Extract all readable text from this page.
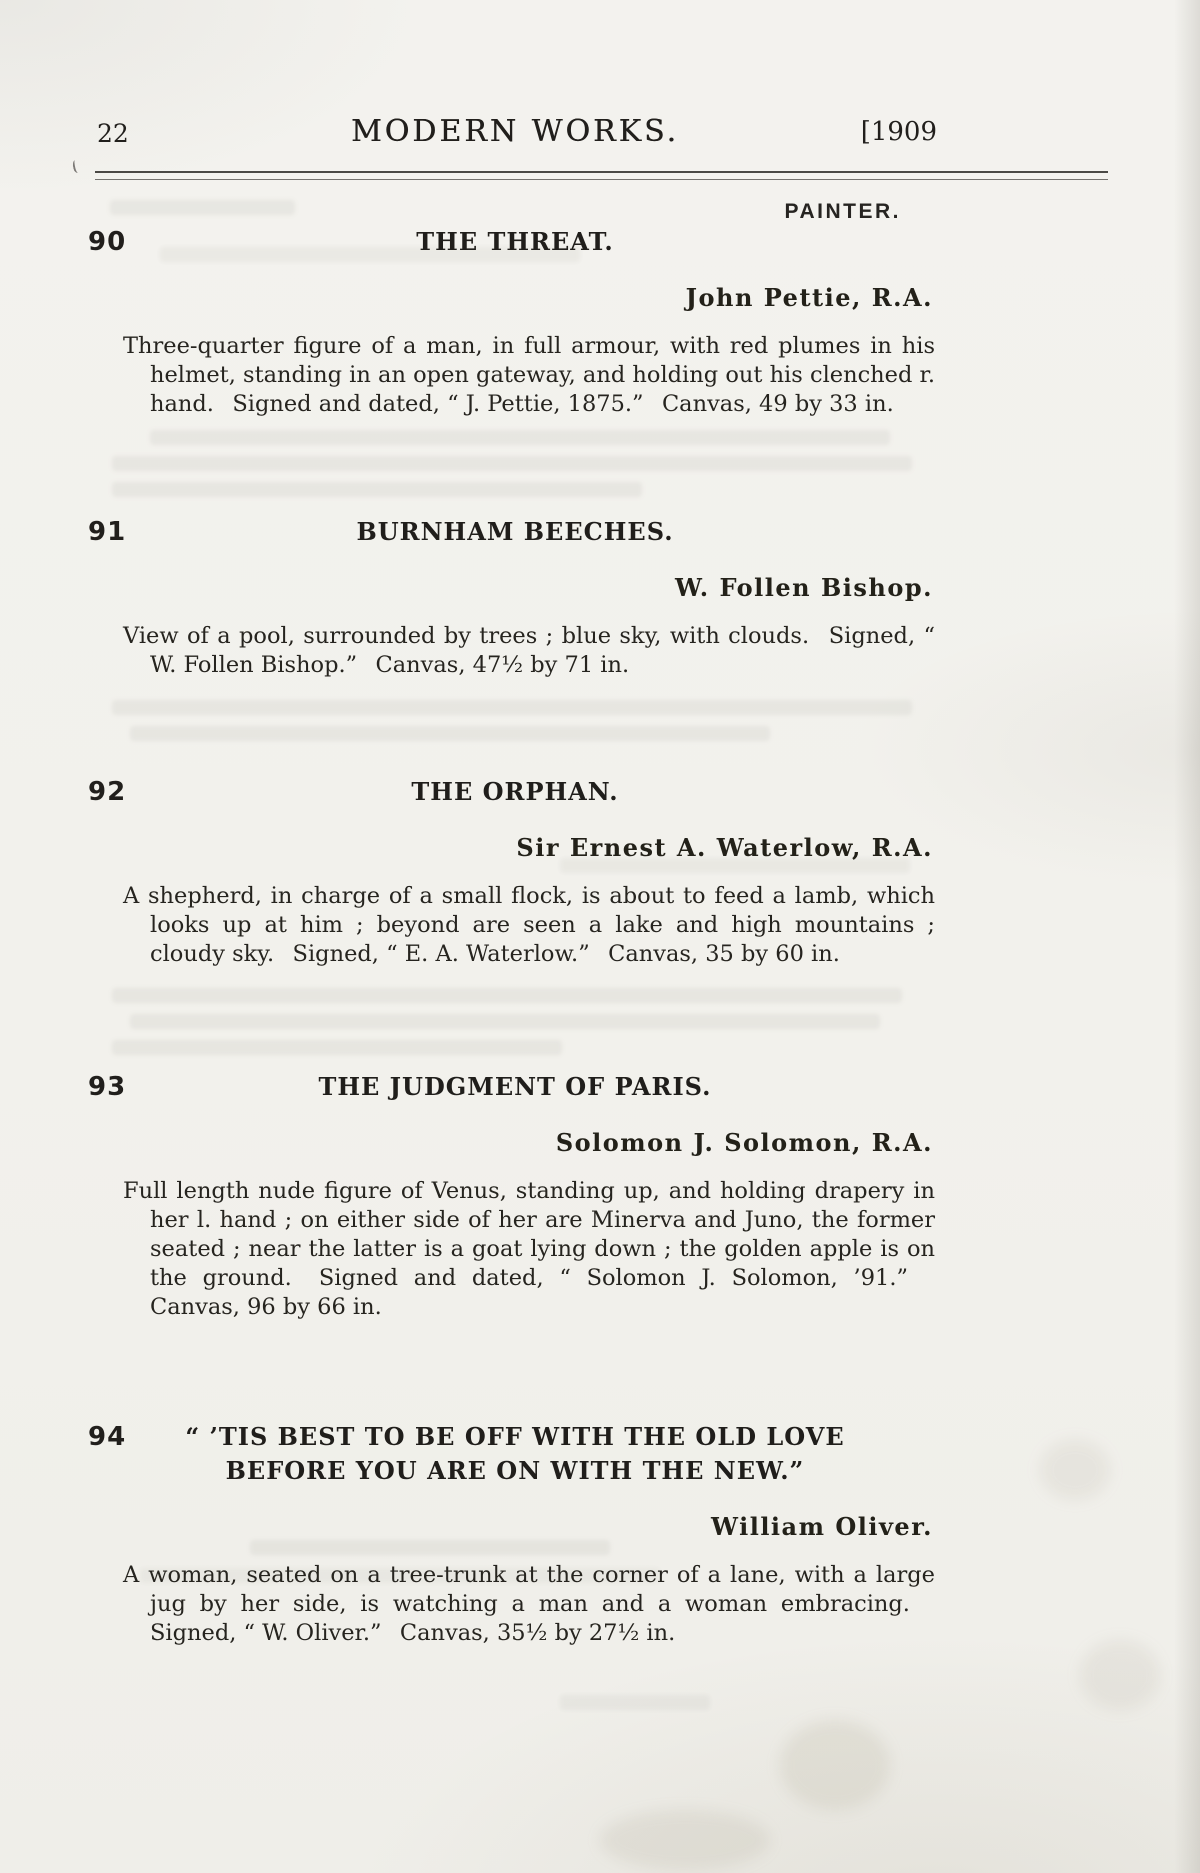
22	MODERN WORKS.	[1909
PAINTER.
90	THE THREAT.
John Pettie, R.A.
Three-quarter figure of a man, in full armour, with red plumes in his helmet, standing in an open gateway, and holding out his clenched r. hand.  Signed and dated, “ J. Pettie, 1875.”  Canvas, 49 by 33 in.
91	BURNHAM BEECHES.
W. Follen Bishop.
View of a pool, surrounded by trees ; blue sky, with clouds.  Signed, “ W. Follen Bishop.”  Canvas, 47½ by 71 in.
92	THE ORPHAN.
Sir Ernest A. Waterlow, R.A.
A shepherd, in charge of a small flock, is about to feed a lamb, which looks up at him ; beyond are seen a lake and high mountains ; cloudy sky.  Signed, “ E. A. Waterlow.”  Canvas, 35 by 60 in.
93	THE JUDGMENT OF PARIS.
Solomon J. Solomon, R.A.
Full length nude figure of Venus, standing up, and holding drapery in her l. hand ; on either side of her are Minerva and Juno, the former seated ; near the latter is a goat lying down ; the golden apple is on the ground.  Signed and dated, “ Solomon J. Solomon, ’91.”  Canvas, 96 by 66 in.
94	“ ’TIS BEST TO BE OFF WITH THE OLD LOVE
BEFORE YOU ARE ON WITH THE NEW.”
William Oliver.
A woman, seated on a tree-trunk at the corner of a lane, with a large jug by her side, is watching a man and a woman embracing.  Signed, “ W. Oliver.”  Canvas, 35½ by 27½ in.
